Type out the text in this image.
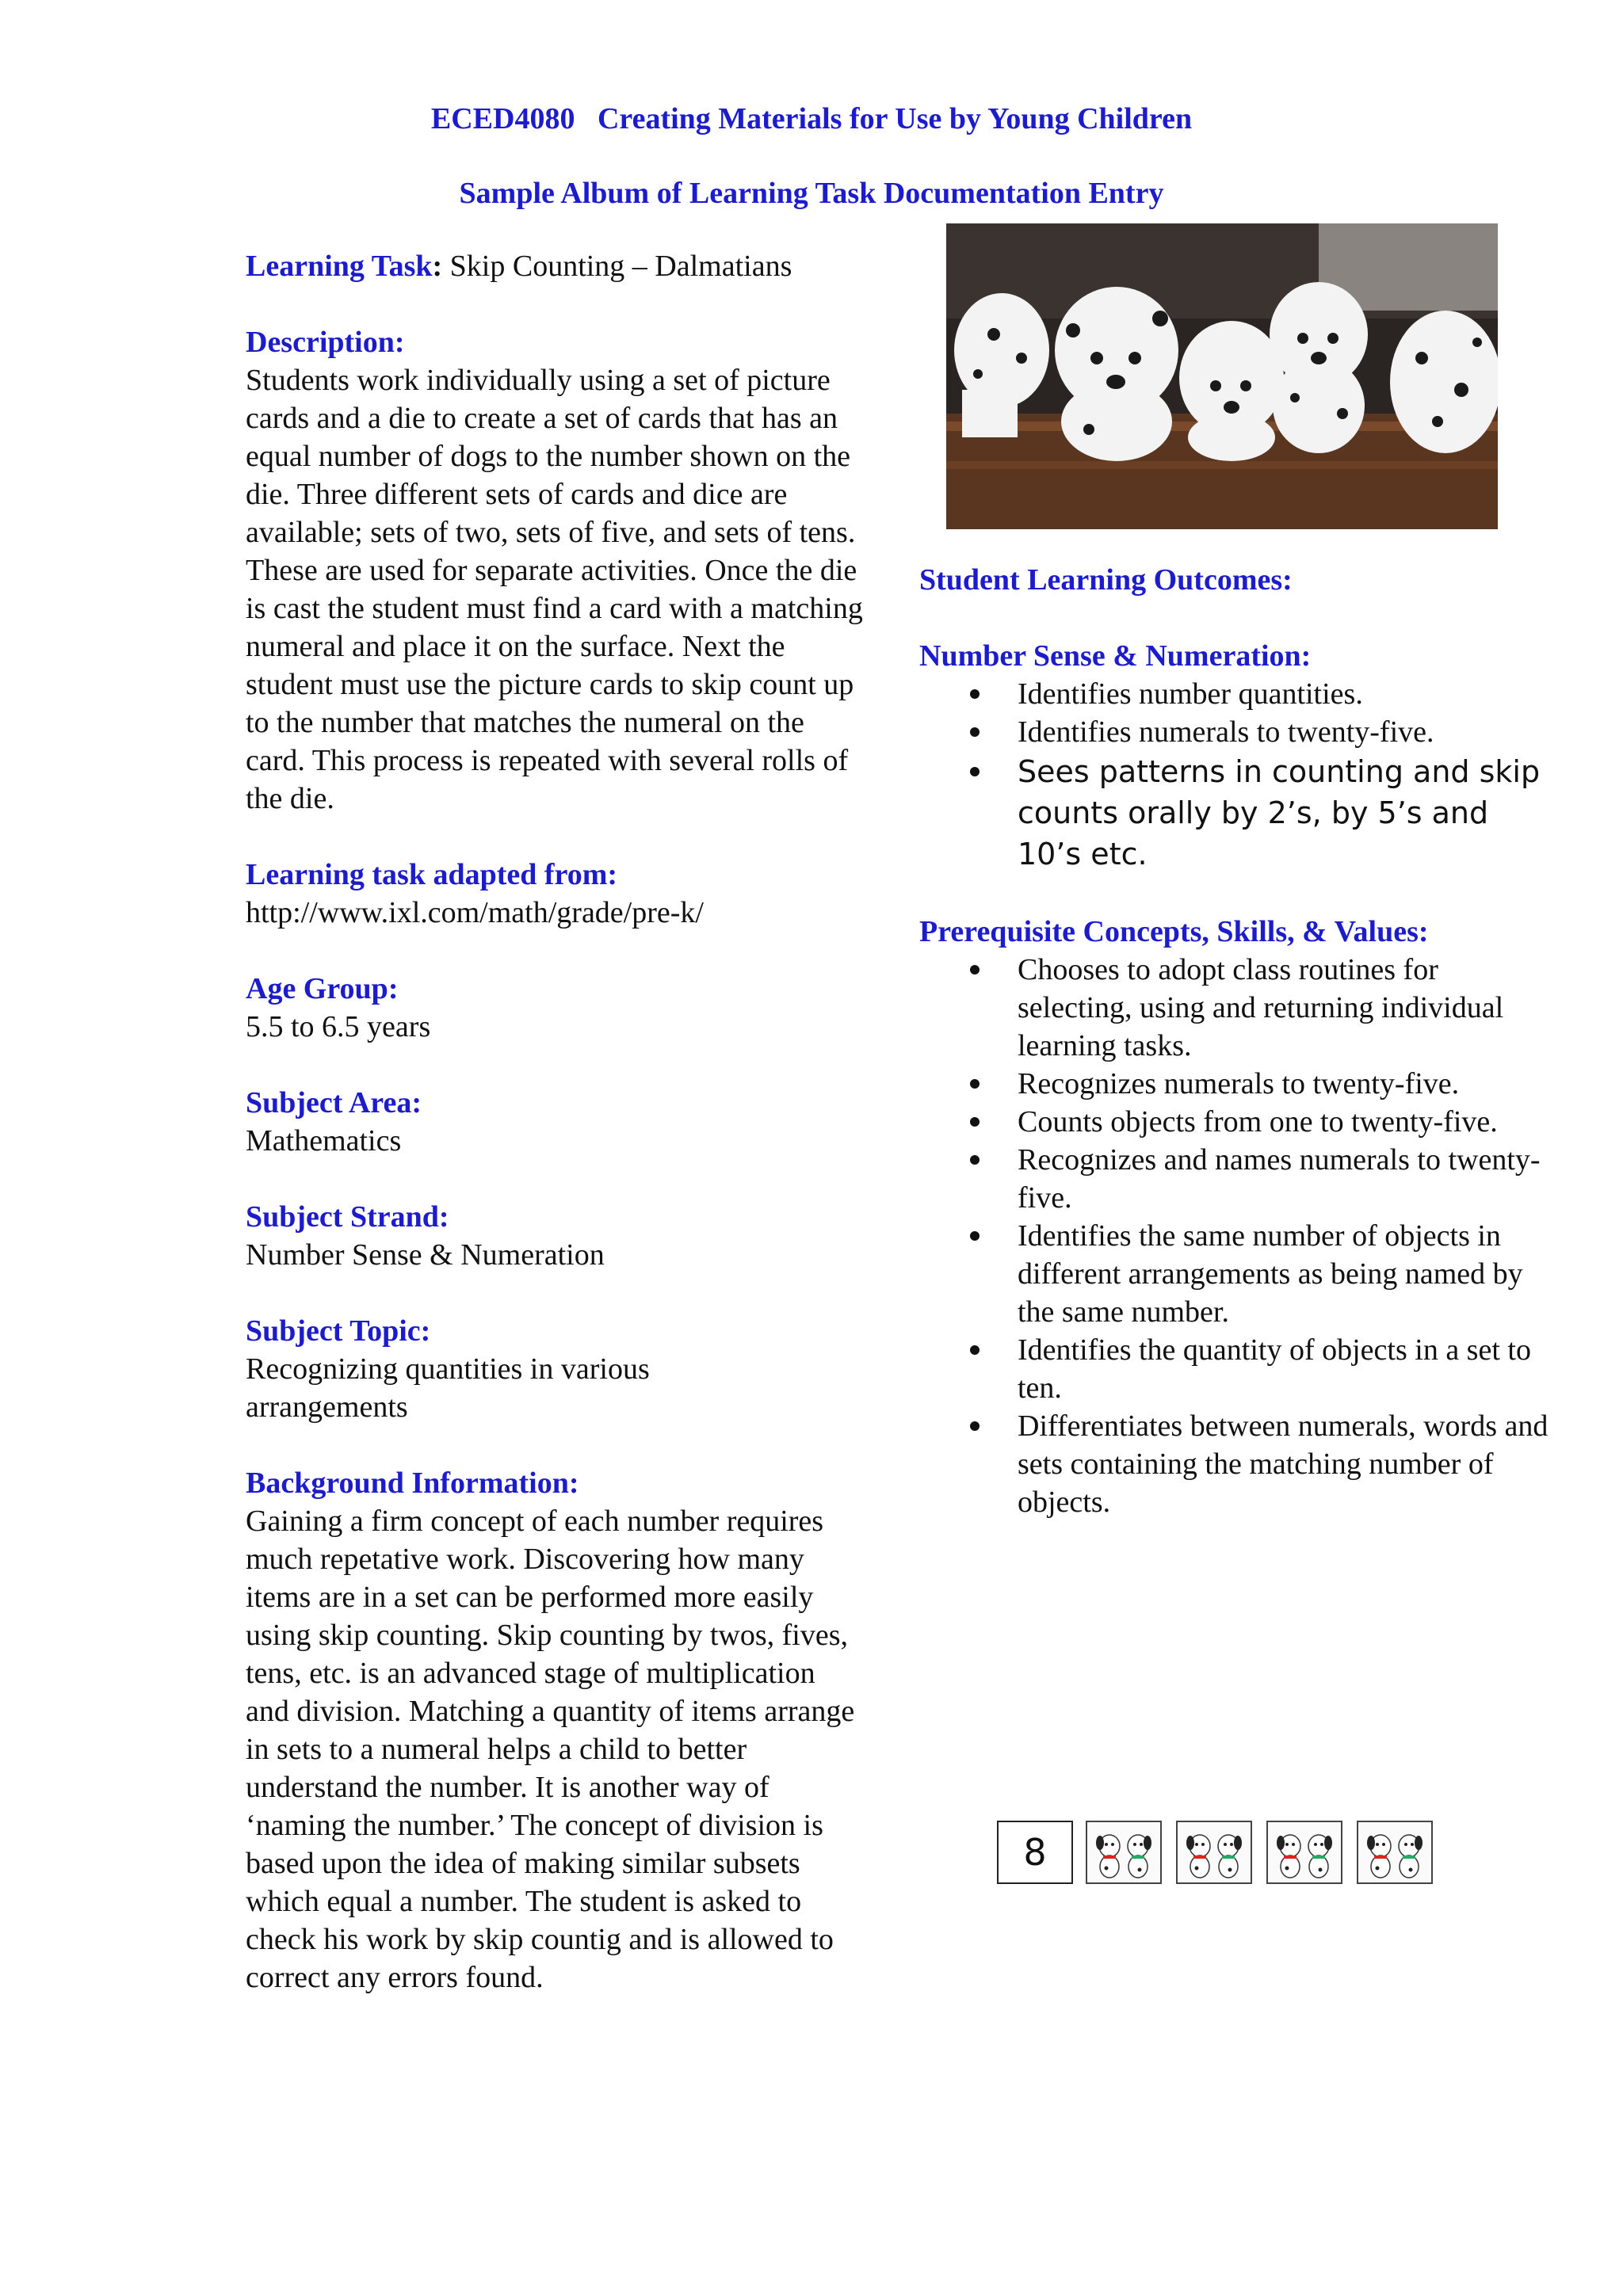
ECED4080   Creating Materials for Use by Young Children
Sample Album of Learning Task Documentation Entry
Learning Task: Skip Counting – Dalmatians
Description:
Students work individually using a set of picture cards and a die to create a set of cards that has an equal number of dogs to the number shown on the die. Three different sets of cards and dice are available; sets of two, sets of five, and sets of tens. These are used for separate activities. Once the die is cast the student must find a card with a matching numeral and place it on the surface. Next the student must use the picture cards to skip count up to the number that matches the numeral on the card. This process is repeated with several rolls of the die.
Learning task adapted from:
http://www.ixl.com/math/grade/pre-k/
Age Group:
5.5 to 6.5 years
Subject Area:
Mathematics
Subject Strand:
Number Sense & Numeration
Subject Topic:
Recognizing quantities in various arrangements
Background Information:
Gaining a firm concept of each number requires much repetative work. Discovering how many items are in a set can be performed more easily using skip counting. Skip counting by twos, fives, tens, etc. is an advanced stage of multiplication and division. Matching a quantity of items arrange in sets to a numeral helps a child to better understand the number. It is another way of ‘naming the number.’ The concept of division is based upon the idea of making similar subsets which equal a number. The student is asked to check his work by skip countig and is allowed to correct any errors found.
Student Learning Outcomes:
Number Sense & Numeration:
Identifies number quantities.
Identifies numerals to twenty-five.
Sees patterns in counting and skip counts orally by 2’s, by 5’s and 10’s etc.
Prerequisite Concepts, Skills, & Values:
Chooses to adopt class routines for selecting, using and returning individual learning tasks.
Recognizes numerals to twenty-five.
Counts objects from one to twenty-five.
Recognizes and names numerals to twenty-five.
Identifies the same number of objects in different arrangements as being named by the same number.
Identifies the quantity of objects in a set to ten.
Differentiates between numerals, words and sets containing the matching number of objects.
8
